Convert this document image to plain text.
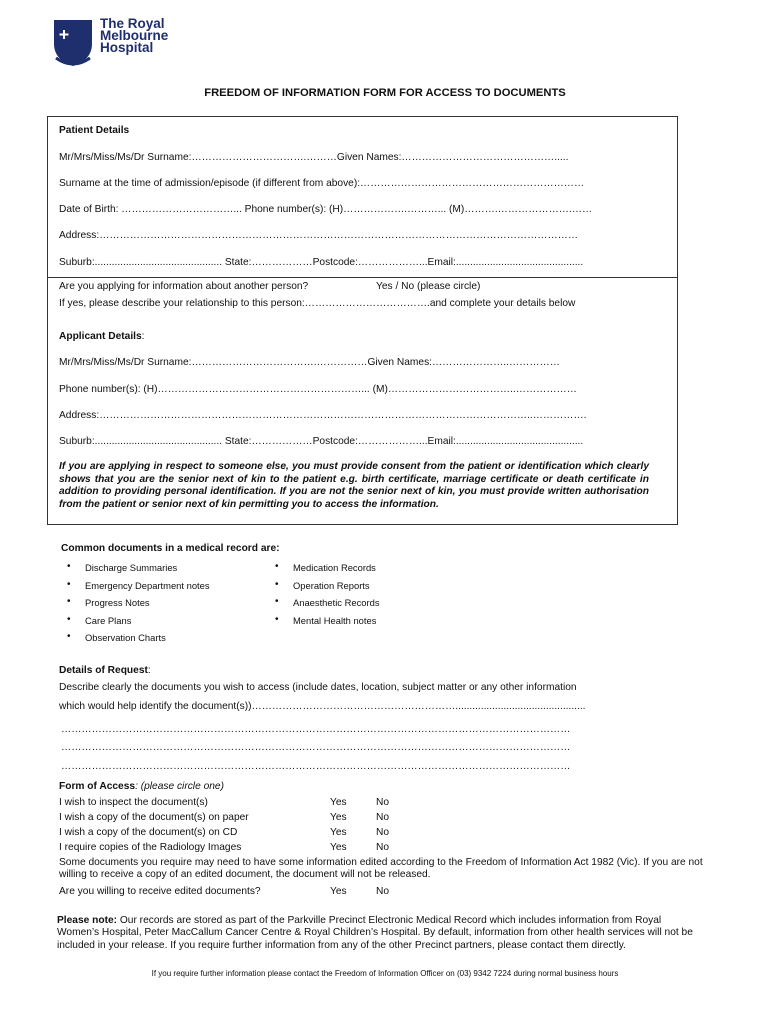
The Royal
Melbourne
Hospital
FREEDOM OF INFORMATION FORM FOR ACCESS TO DOCUMENTS
Patient Details
Mr/Mrs/Miss/Ms/Dr Surname:…………………………….………Given Names:……………………………………….....
Surname at the time of admission/episode (if different from above):…………………………………………………………
Date of Birth: ……………………………... Phone number(s): (H)……………….………... (M)……….………………….……
Address:……………………………………………………………………………………………………………………………
Suburb:............................................. State:………………Postcode:………………...Email:.............................................
Are you applying for information about another person?	Yes / No (please circle)
If yes, please describe your relationship to this person:……………………………….and complete your details below
Applicant Details:
Mr/Mrs/Miss/Ms/Dr Surname:……………………………….……………Given Names:…………………..……………
Phone number(s): (H)……………………………………………………... (M)………………………………..………………
Address:………………………………………………………………………………………………………………..…………….
Suburb:............................................. State:………………Postcode:………………...Email:.............................................
If you are applying in respect to someone else, you must provide consent from the patient or identification which clearly shows that you are the senior next of kin to the patient e.g. birth certificate, marriage certificate or death certificate in addition to providing personal identification. If you are not the senior next of kin, you must provide written authorisation from the patient or senior next of kin permitting you to access the information.
Common documents in a medical record are:
• Discharge Summaries
• Emergency Department notes
• Progress Notes
• Care Plans
• Observation Charts
• Medication Records
• Operation Reports
• Anaesthetic Records
• Mental Health notes
Details of Request:
Describe clearly the documents you wish to access (include dates, location, subject matter or any other information
which would help identify the document(s))……………………………………………………..............................................
……………………………………………………………………………………………………………………………………
……………………………………………………………………………………………………………………………………
……………………………………………………………………………………………………………………………………
Form of Access: (please circle one)
I wish to inspect the document(s)	Yes	No
I wish a copy of the document(s) on paper	Yes	No
I wish a copy of the document(s) on CD	Yes	No
I require copies of the Radiology Images	Yes	No
Some documents you require may need to have some information edited according to the Freedom of Information Act 1982 (Vic). If you are not willing to receive a copy of an edited document, the document will not be released.
Are you willing to receive edited documents?	Yes	No
Please note: Our records are stored as part of the Parkville Precinct Electronic Medical Record which includes information from Royal Women’s Hospital, Peter MacCallum Cancer Centre & Royal Children’s Hospital. By default, information from other health services will not be included in your release. If you require further information from any of the other Precinct partners, please contact them directly.
If you require further information please contact the Freedom of Information Officer on (03) 9342 7224 during normal business hours
